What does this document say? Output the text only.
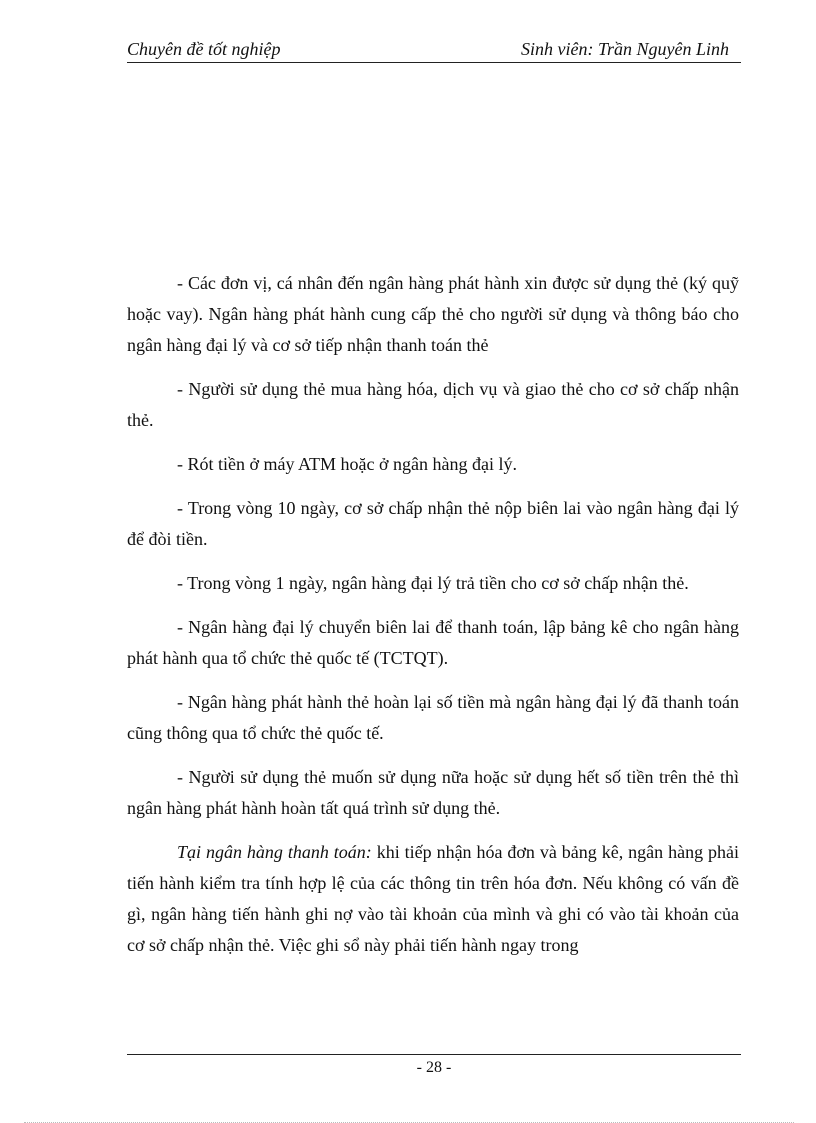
Chuyên đề tốt nghiệp	Sinh viên: Trần Nguyên Linh

- Các đơn vị, cá nhân đến ngân hàng phát hành xin được sử dụng thẻ (ký quỹ hoặc vay). Ngân hàng phát hành cung cấp thẻ cho người sử dụng và thông báo cho ngân hàng đại lý và cơ sở tiếp nhận thanh toán thẻ

- Người sử dụng thẻ mua hàng hóa, dịch vụ và giao thẻ cho cơ sở chấp nhận thẻ.

- Rót tiền ở máy ATM hoặc ở ngân hàng đại lý.

- Trong vòng 10 ngày, cơ sở chấp nhận thẻ nộp biên lai vào ngân hàng đại lý để đòi tiền.

- Trong vòng 1 ngày, ngân hàng đại lý trả tiền cho cơ sở chấp nhận thẻ.

- Ngân hàng đại lý chuyển biên lai để thanh toán, lập bảng kê cho ngân hàng phát hành qua tổ chức thẻ quốc tế (TCTQT).

- Ngân hàng phát hành thẻ hoàn lại số tiền mà ngân hàng đại lý đã thanh toán cũng thông qua tổ chức thẻ quốc tế.

- Người sử dụng thẻ muốn sử dụng nữa hoặc sử dụng hết số tiền trên thẻ thì ngân hàng phát hành hoàn tất quá trình sử dụng thẻ.

Tại ngân hàng thanh toán: khi tiếp nhận hóa đơn và bảng kê, ngân hàng phải tiến hành kiểm tra tính hợp lệ của các thông tin trên hóa đơn. Nếu không có vấn đề gì, ngân hàng tiến hành ghi nợ vào tài khoản của mình và ghi có vào tài khoản của cơ sở chấp nhận thẻ. Việc ghi sổ này phải tiến hành ngay trong

- 28 -
